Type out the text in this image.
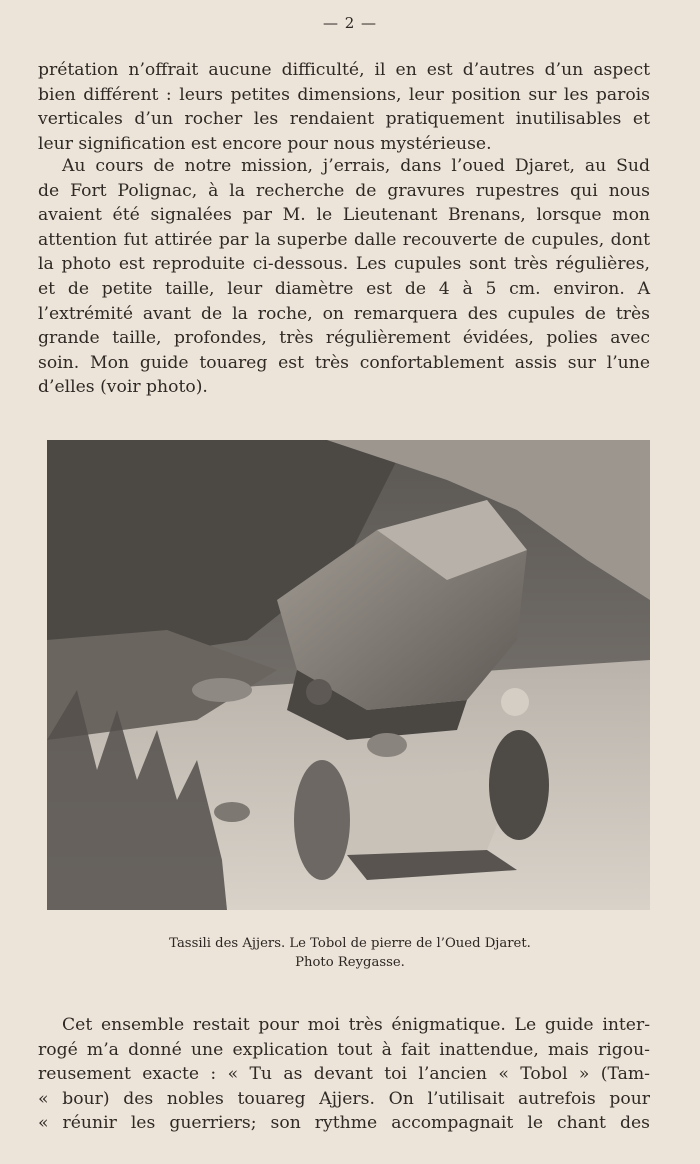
— 2 —
prétation n’offrait aucune difficulté, il en est d’autres d’un aspect
bien différent : leurs petites dimensions, leur position sur les parois
verticales d’un rocher les rendaient pratiquement inutilisables et
leur signification est encore pour nous mystérieuse.
Au cours de notre mission, j’errais, dans l’oued Djaret, au Sud
de Fort Polignac, à la recherche de gravures rupestres qui nous
avaient été signalées par M. le Lieutenant Brenans, lorsque mon
attention fut attirée par la superbe dalle recouverte de cupules, dont
la photo est reproduite ci-dessous. Les cupules sont très régulières,
et de petite taille, leur diamètre est de 4 à 5 cm. environ. A
l’extrémité avant de la roche, on remarquera des cupules de très
grande taille, profondes, très régulièrement évidées, polies avec
soin. Mon guide touareg est très confortablement assis sur l’une
d’elles (voir photo).
Tassili des Ajjers. Le Tobol de pierre de l’Oued Djaret.
Photo Reygasse.
Cet ensemble restait pour moi très énigmatique. Le guide inter-
rogé m’a donné une explication tout à fait inattendue, mais rigou-
reusement exacte : « Tu as devant toi l’ancien « Tobol » (Tam-
« bour) des nobles touareg Ajjers. On l’utilisait autrefois pour
« réunir les guerriers; son rythme accompagnait le chant des
